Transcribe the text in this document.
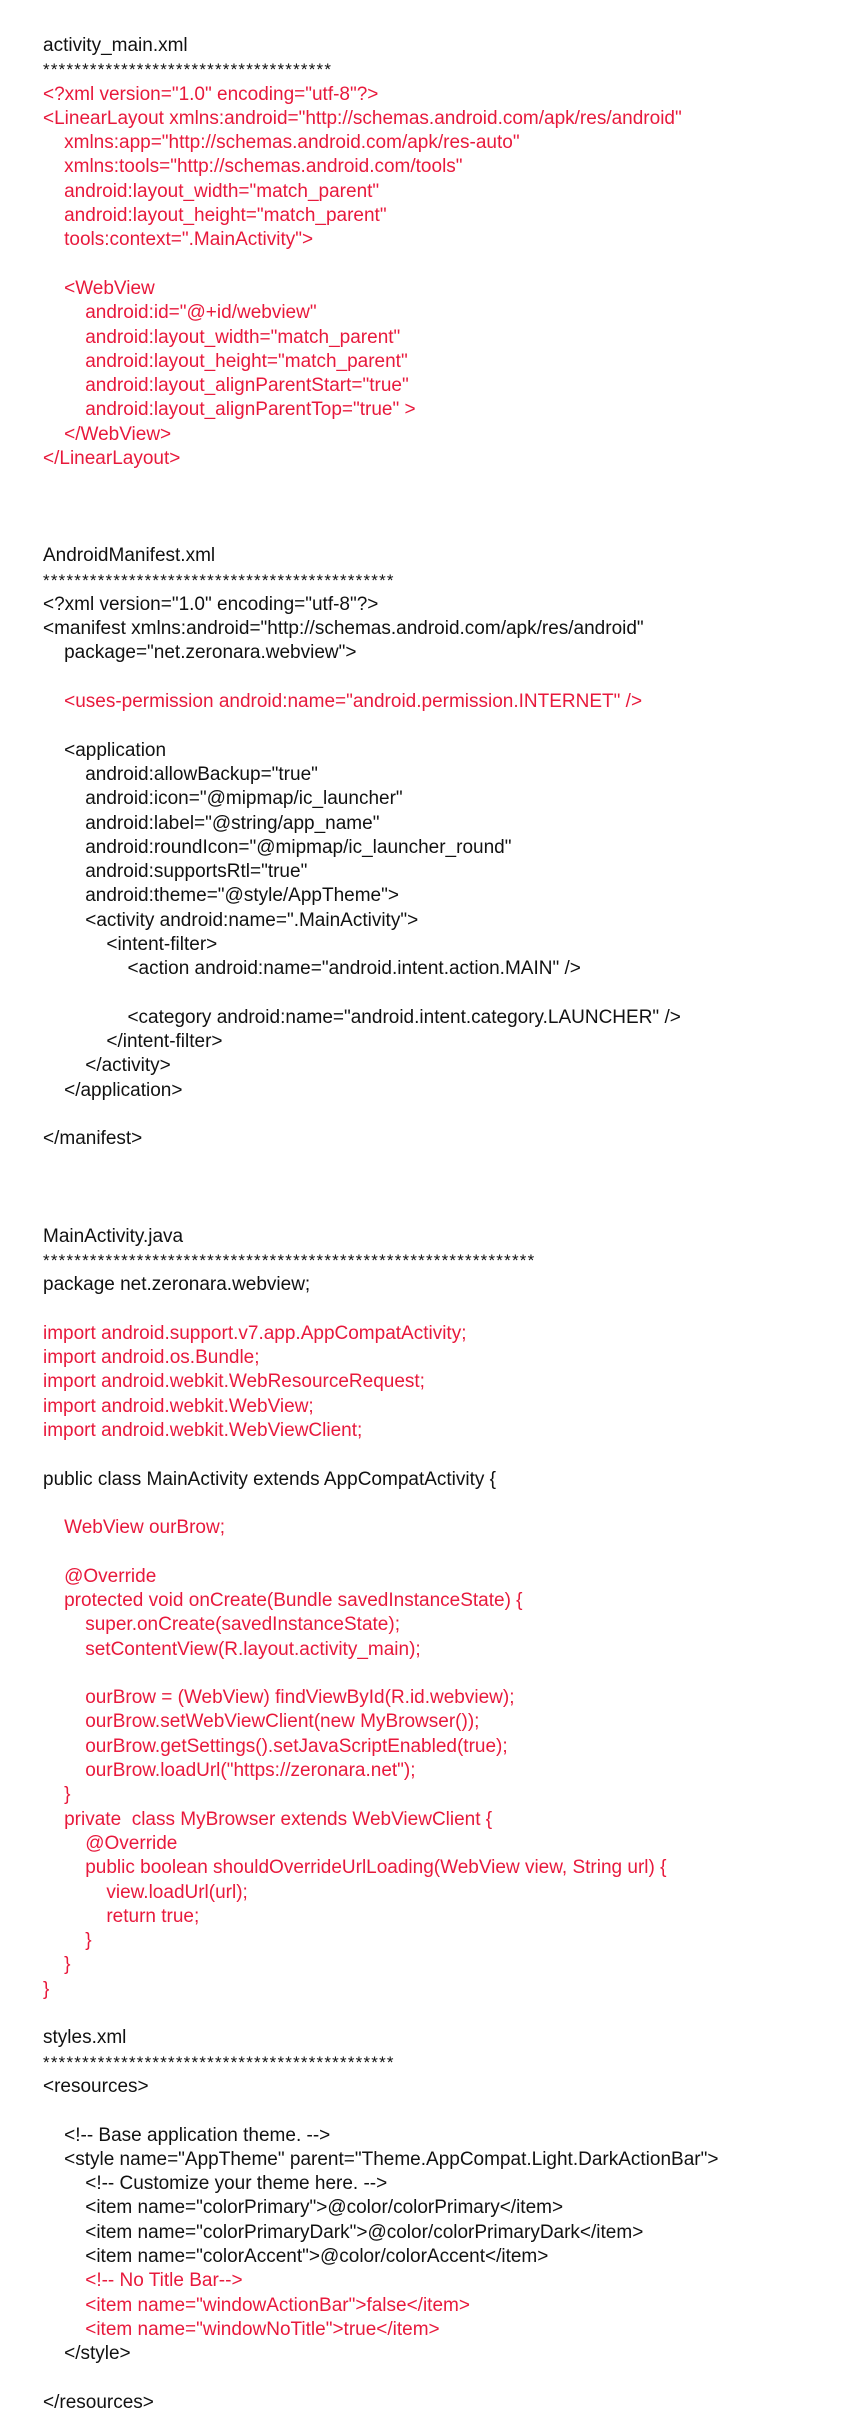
activity_main.xml
*************************************
<?xml version="1.0" encoding="utf-8"?>
<LinearLayout xmlns:android="http://schemas.android.com/apk/res/android"
xmlns:app="http://schemas.android.com/apk/res-auto"
xmlns:tools="http://schemas.android.com/tools"
android:layout_width="match_parent"
android:layout_height="match_parent"
tools:context=".MainActivity">
<WebView
android:id="@+id/webview"
android:layout_width="match_parent"
android:layout_height="match_parent"
android:layout_alignParentStart="true"
android:layout_alignParentTop="true" >
</WebView>
</LinearLayout>
AndroidManifest.xml
*********************************************
<?xml version="1.0" encoding="utf-8"?>
<manifest xmlns:android="http://schemas.android.com/apk/res/android"
package="net.zeronara.webview">
<uses-permission android:name="android.permission.INTERNET" />
<application
android:allowBackup="true"
android:icon="@mipmap/ic_launcher"
android:label="@string/app_name"
android:roundIcon="@mipmap/ic_launcher_round"
android:supportsRtl="true"
android:theme="@style/AppTheme">
<activity android:name=".MainActivity">
<intent-filter>
<action android:name="android.intent.action.MAIN" />
<category android:name="android.intent.category.LAUNCHER" />
</intent-filter>
</activity>
</application>
</manifest>
MainActivity.java
***************************************************************
package net.zeronara.webview;
import android.support.v7.app.AppCompatActivity;
import android.os.Bundle;
import android.webkit.WebResourceRequest;
import android.webkit.WebView;
import android.webkit.WebViewClient;
public class MainActivity extends AppCompatActivity {
WebView ourBrow;
@Override
protected void onCreate(Bundle savedInstanceState) {
super.onCreate(savedInstanceState);
setContentView(R.layout.activity_main);
ourBrow = (WebView) findViewById(R.id.webview);
ourBrow.setWebViewClient(new MyBrowser());
ourBrow.getSettings().setJavaScriptEnabled(true);
ourBrow.loadUrl("https://zeronara.net");
}
private  class MyBrowser extends WebViewClient {
@Override
public boolean shouldOverrideUrlLoading(WebView view, String url) {
view.loadUrl(url);
return true;
}
}
}
styles.xml
*********************************************
<resources>
<!-- Base application theme. -->
<style name="AppTheme" parent="Theme.AppCompat.Light.DarkActionBar">
<!-- Customize your theme here. -->
<item name="colorPrimary">@color/colorPrimary</item>
<item name="colorPrimaryDark">@color/colorPrimaryDark</item>
<item name="colorAccent">@color/colorAccent</item>
<!-- No Title Bar-->
<item name="windowActionBar">false</item>
<item name="windowNoTitle">true</item>
</style>
</resources>
